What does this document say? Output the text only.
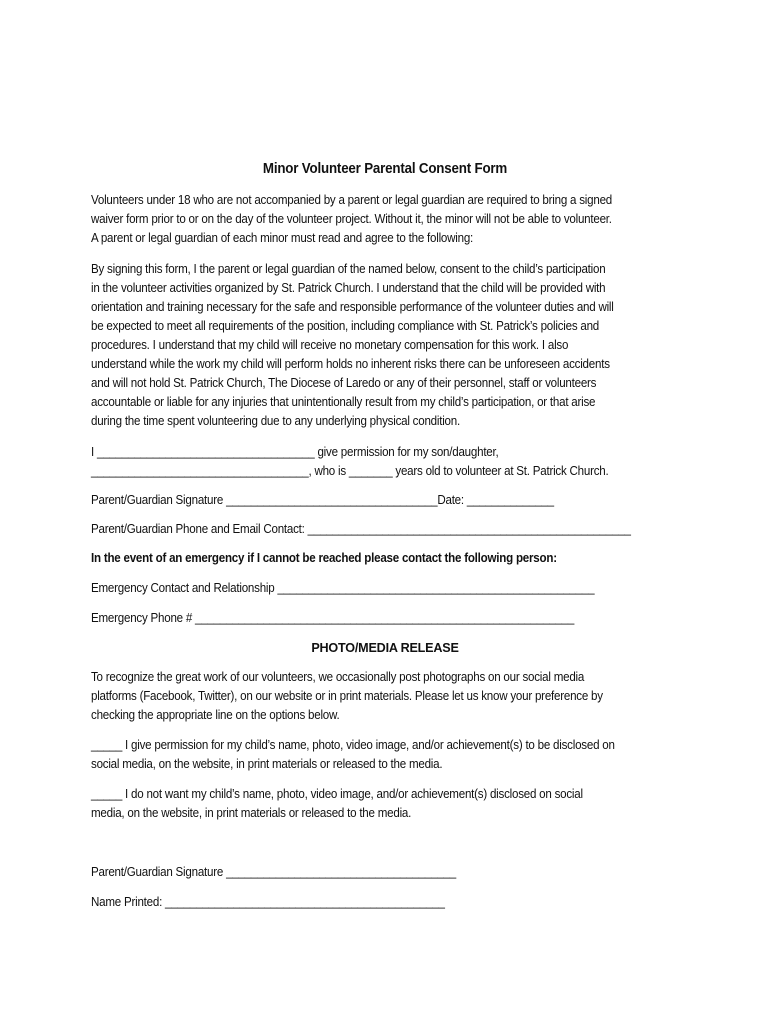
Minor Volunteer Parental Consent Form

Volunteers under 18 who are not accompanied by a parent or legal guardian are required to bring a signed

waiver form prior to or on the day of the volunteer project. Without it, the minor will not be able to volunteer.

A parent or legal guardian of each minor must read and agree to the following:

By signing this form, I the parent or legal guardian of the named below, consent to the child’s participation

in the volunteer activities organized by St. Patrick Church. I understand that the child will be provided with

orientation and training necessary for the safe and responsible performance of the volunteer duties and will

be expected to meet all requirements of the position, including compliance with St. Patrick’s policies and

procedures. I understand that my child will receive no monetary compensation for this work. I also

understand while the work my child will perform holds no inherent risks there can be unforeseen accidents

and will not hold St. Patrick Church, The Diocese of Laredo or any of their personnel, staff or volunteers

accountable or liable for any injuries that unintentionally result from my child’s participation, or that arise

during the time spent volunteering due to any underlying physical condition.

I ___________________________________ give permission for my son/daughter,

___________________________________, who is _______ years old to volunteer at St. Patrick Church.

Parent/Guardian Signature __________________________________Date: ______________

Parent/Guardian Phone and Email Contact: ____________________________________________________

In the event of an emergency if I cannot be reached please contact the following person:

Emergency Contact and Relationship ___________________________________________________

Emergency Phone # _____________________________________________________________

PHOTO/MEDIA RELEASE

To recognize the great work of our volunteers, we occasionally post photographs on our social media

platforms (Facebook, Twitter), on our website or in print materials. Please let us know your preference by

checking the appropriate line on the options below.

_____ I give permission for my child’s name, photo, video image, and/or achievement(s) to be disclosed on

social media, on the website, in print materials or released to the media.

_____ I do not want my child’s name, photo, video image, and/or achievement(s) disclosed on social

media, on the website, in print materials or released to the media.

Parent/Guardian Signature _____________________________________

Name Printed: _____________________________________________
